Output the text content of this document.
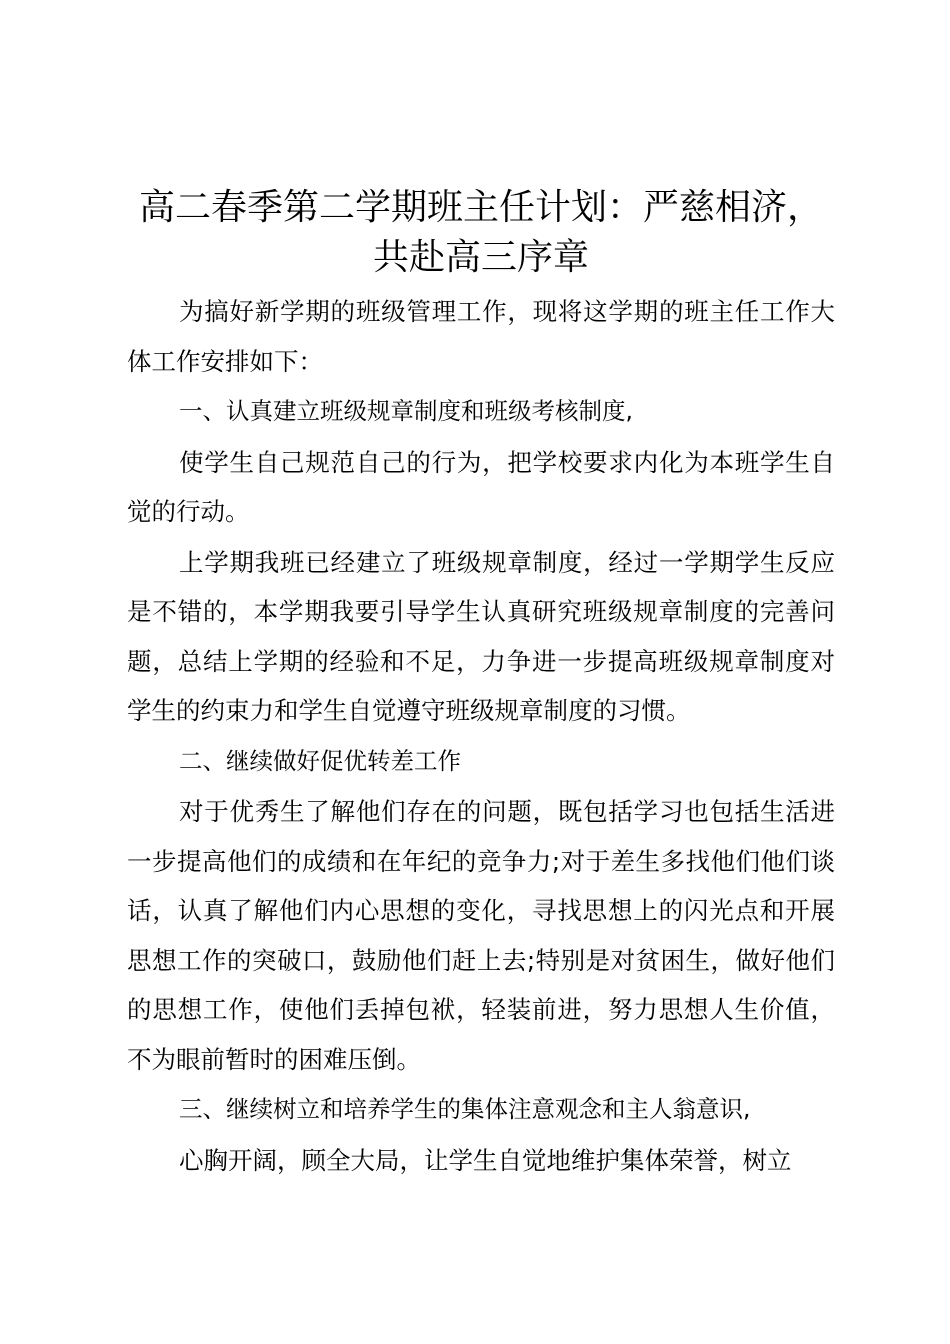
高二春季第二学期班主任计划：严慈相济，共赴高三序章

为搞好新学期的班级管理工作，现将这学期的班主任工作大体工作安排如下：

一、认真建立班级规章制度和班级考核制度,

使学生自己规范自己的行为，把学校要求内化为本班学生自觉的行动。

上学期我班已经建立了班级规章制度，经过一学期学生反应是不错的，本学期我要引导学生认真研究班级规章制度的完善问题，总结上学期的经验和不足，力争进一步提高班级规章制度对学生的约束力和学生自觉遵守班级规章制度的习惯。

二、继续做好促优转差工作

对于优秀生了解他们存在的问题，既包括学习也包括生活进一步提高他们的成绩和在年纪的竞争力;对于差生多找他们他们谈话，认真了解他们内心思想的变化，寻找思想上的闪光点和开展思想工作的突破口，鼓励他们赶上去;特别是对贫困生，做好他们的思想工作，使他们丢掉包袱，轻装前进，努力思想人生价值，不为眼前暂时的困难压倒。

三、继续树立和培养学生的集体注意观念和主人翁意识,

心胸开阔，顾全大局，让学生自觉地维护集体荣誉，树立
